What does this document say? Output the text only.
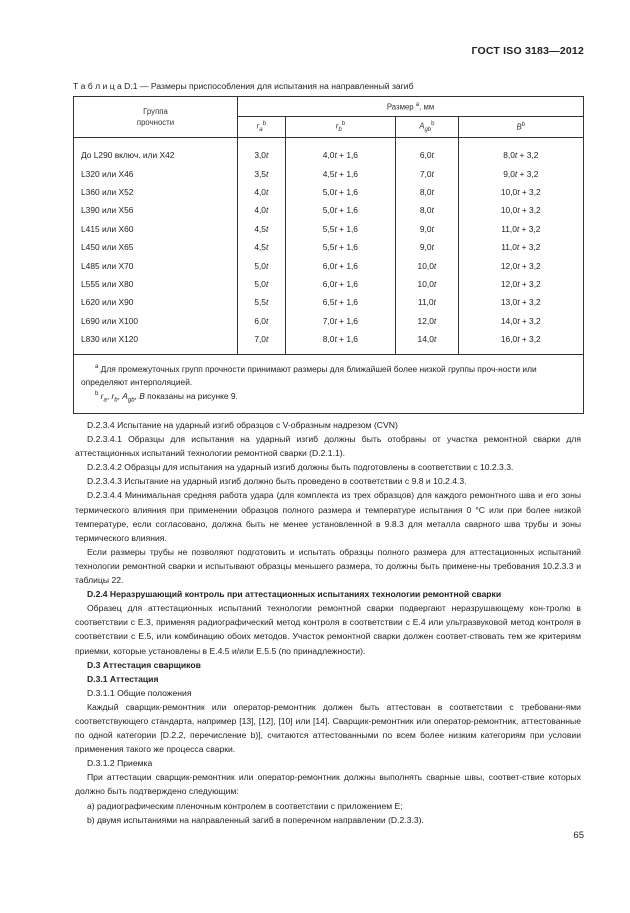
ГОСТ ISO 3183—2012
Т а б л и ц а D.1 — Размеры приспособления для испытания на направленный загиб
Группа прочности	Размер $^a$, мм			
	$r_a^b$	$r_b^b$	$A_{gb}^b$	$B^b$
До L290 включ. или X42	3,0t	4,0t + 1,6	6,0t	8,0t + 3,2
L320 или X46	3,5t	4,5t + 1,6	7,0t	9,0t + 3,2
L360 или X52	4,0t	5,0t + 1,6	8,0t	10,0t + 3,2
L390 или X56	4,0t	5,0t + 1,6	8,0t	10,0t + 3,2
L415 или X60	4,5t	5,5t + 1,6	9,0t	11,0t + 3,2
L450 или X65	4,5t	5,5t + 1,6	9,0t	11,0t + 3,2
L485 или X70	5,0t	6,0t + 1,6	10,0t	12,0t + 3,2
L555 или X80	5,0t	6,0t + 1,6	10,0t	12,0t + 3,2
L620 или X90	5,5t	6,5t + 1,6	11,0t	13,0t + 3,2
L690 или X100	6,0t	7,0t + 1,6	12,0t	14,0t + 3,2
L830 или X120	7,0t	8,0t + 1,6	14,0t	16,0t + 3,2

$^a$ Для промежуточных групп прочности принимают размеры для ближайшей более низкой группы проч-ности или определяют интерполяцией.
$^b$ $r_a$, $r_b$, $A_{gb}$, B показаны на рисунке 9.				

D.2.3.4 Испытание на ударный изгиб образцов с V-образным надрезом (CVN)

D.2.3.4.1 Образцы для испытания на ударный изгиб должны быть отобраны от участка ремонтной сварки для аттестационных испытаний технологии ремонтной сварки (D.2.1.1).

D.2.3.4.2 Образцы для испытания на ударный изгиб должны быть подготовлены в соответствии с 10.2.3.3.

D.2.3.4.3 Испытание на ударный изгиб должно быть проведено в соответствии с 9.8 и 10.2.4.3.

D.2.3.4.4 Минимальная средняя работа удара (для комплекта из трех образцов) для каждого ремонтного шва и его зоны термического влияния при применении образцов полного размера и температуре испытания 0 °С или при более низкой температуре, если согласовано, должна быть не менее установленной в 9.8.3 для металла сварного шва трубы и зоны термического влияния.

Если размеры трубы не позволяют подготовить и испытать образцы полного размера для аттестационных испытаний технологии ремонтной сварки и испытывают образцы меньшего размера, то должны быть примене-ны требования 10.2.3.3 и таблицы 22.

D.2.4 Неразрушающий контроль при аттестационных испытаниях технологии ремонтной сварки

Образец для аттестационных испытаний технологии ремонтной сварки подвергают неразрушающему кон-тролю в соответствии с Е.3, применяя радиографический метод контроля в соответствии с Е.4 или ультразвуковой метод контроля в соответствии с Е.5, или комбинацию обоих методов. Участок ремонтной сварки должен соответ-ствовать тем же критериям приемки, которые установлены в Е.4.5 и/или Е.5.5 (по принадлежности).

D.3 Аттестация сварщиков

D.3.1 Аттестация

D.3.1.1 Общие положения

Каждый сварщик-ремонтник или оператор-ремонтник должен быть аттестован в соответствии с требовани-ями соответствующего стандарта, например [13], [12], [10] или [14]. Сварщик-ремонтник или оператор-ремонтник, аттестованные по одной категории [D.2.2, перечисление b)], считаются аттестованными по всем более низким категориям при условии применения такого же процесса сварки.

D.3.1.2 Приемка

При аттестации сварщик-ремонтник или оператор-ремонтник должны выполнять сварные швы, соответ-ствие которых должно быть подтверждено следующим:

a) радиографическим пленочным контролем в соответствии с приложением Е;

b) двумя испытаниями на направленный загиб в поперечном направлении (D.2.3.3).

65
